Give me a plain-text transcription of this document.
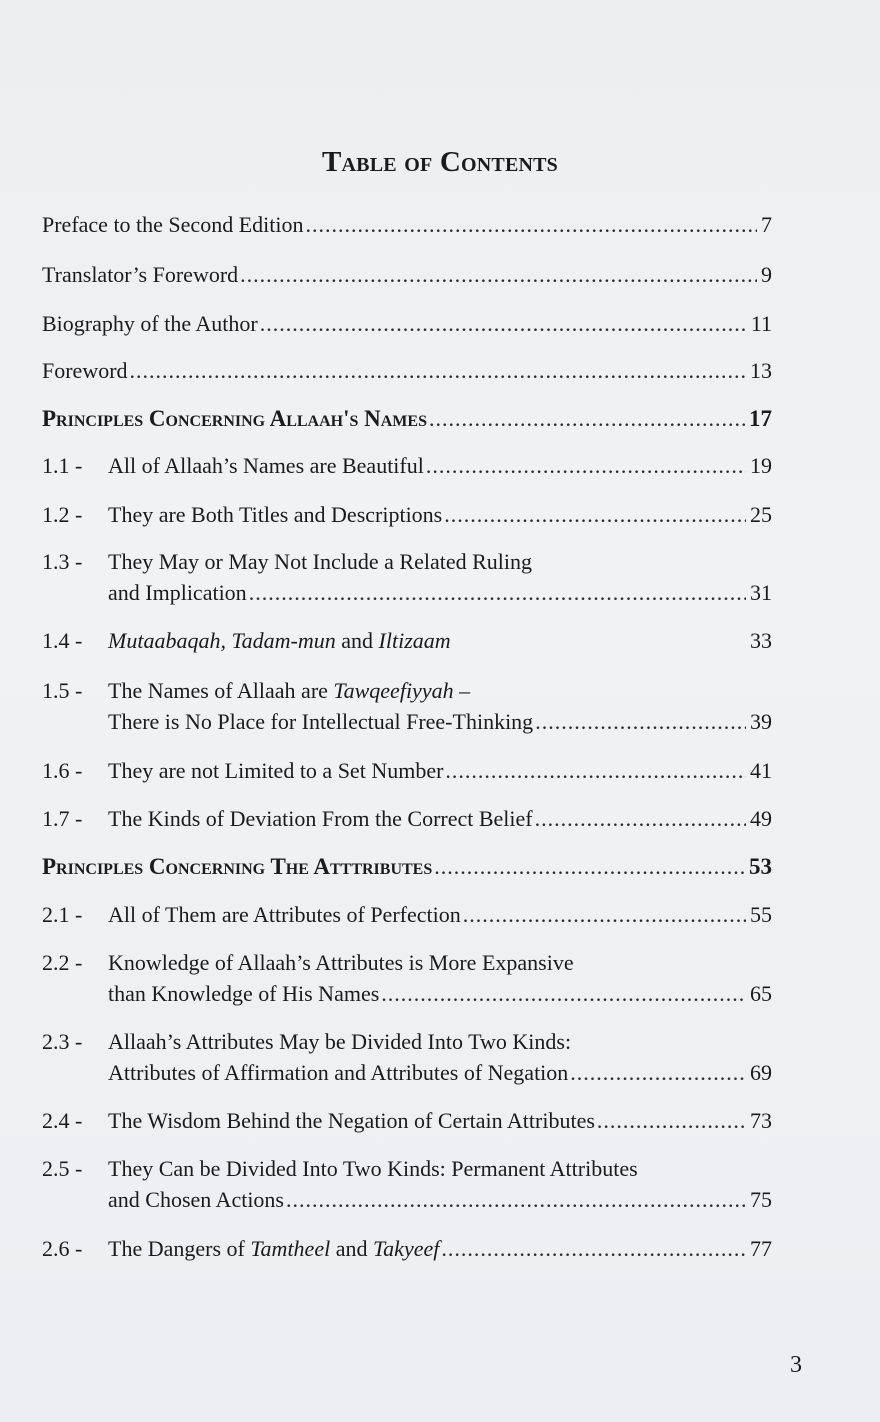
Table of Contents
Preface to the Second Edition .....	7
Translator’s Foreword .....	9
Biography of the Author .....	11
Foreword .....	13
Principles Concerning Allaah's Names .....	17
1.1 -	All of Allaah’s Names are Beautiful .....	19
1.2 -	They are Both Titles and Descriptions .....	25
1.3 -	They May or May Not Include a Related Ruling
and Implication .....	31
1.4 -	Mutaabaqah, Tadam-mun and Iltizaam	33
1.5 -	The Names of Allaah are Tawqeefiyyah –
There is No Place for Intellectual Free-Thinking .....	39
1.6 -	They are not Limited to a Set Number .....	41
1.7 -	The Kinds of Deviation From the Correct Belief .....	49
Principles Concerning The Atttributes .....	53
2.1 -	All of Them are Attributes of Perfection .....	55
2.2 -	Knowledge of Allaah’s Attributes is More Expansive
than Knowledge of His Names .....	65
2.3 -	Allaah’s Attributes May be Divided Into Two Kinds:
Attributes of Affirmation and Attributes of Negation .....	69
2.4 -	The Wisdom Behind the Negation of Certain Attributes .....	73
2.5 -	They Can be Divided Into Two Kinds: Permanent Attributes
and Chosen Actions .....	75
2.6 -	The Dangers of Tamtheel and Takyeef .....	77
3
